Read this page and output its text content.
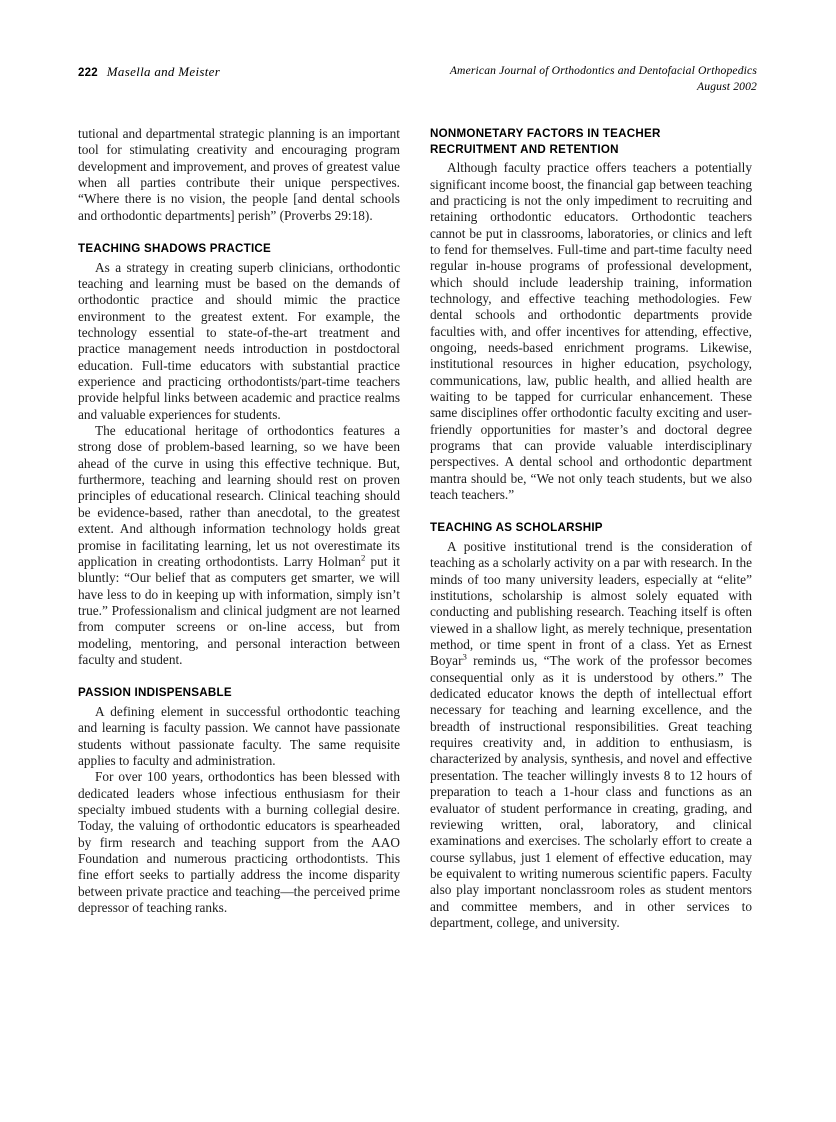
222 Masella and Meister	American Journal of Orthodontics and Dentofacial Orthopedics
August 2002

tutional and departmental strategic planning is an important tool for stimulating creativity and encouraging program development and improvement, and proves of greatest value when all parties contribute their unique perspectives. “Where there is no vision, the people [and dental schools and orthodontic departments] perish” (Proverbs 29:18).

TEACHING SHADOWS PRACTICE

As a strategy in creating superb clinicians, orthodontic teaching and learning must be based on the demands of orthodontic practice and should mimic the practice environment to the greatest extent. For example, the technology essential to state-of-the-art treatment and practice management needs introduction in postdoctoral education. Full-time educators with substantial practice experience and practicing orthodontists/part-time teachers provide helpful links between academic and practice realms and valuable experiences for students.

The educational heritage of orthodontics features a strong dose of problem-based learning, so we have been ahead of the curve in using this effective technique. But, furthermore, teaching and learning should rest on proven principles of educational research. Clinical teaching should be evidence-based, rather than anecdotal, to the greatest extent. And although information technology holds great promise in facilitating learning, let us not overestimate its application in creating orthodontists. Larry Holman$^2$ put it bluntly: “Our belief that as computers get smarter, we will have less to do in keeping up with information, simply isn’t true.” Professionalism and clinical judgment are not learned from computer screens or on-line access, but from modeling, mentoring, and personal interaction between faculty and student.

PASSION INDISPENSABLE

A defining element in successful orthodontic teaching and learning is faculty passion. We cannot have passionate students without passionate faculty. The same requisite applies to faculty and administration.

For over 100 years, orthodontics has been blessed with dedicated leaders whose infectious enthusiasm for their specialty imbued students with a burning collegial desire. Today, the valuing of orthodontic educators is spearheaded by firm research and teaching support from the AAO Foundation and numerous practicing orthodontists. This fine effort seeks to partially address the income disparity between private practice and teaching—the perceived prime depressor of teaching ranks.

NONMONETARY FACTORS IN TEACHER
RECRUITMENT AND RETENTION

Although faculty practice offers teachers a potentially significant income boost, the financial gap between teaching and practicing is not the only impediment to recruiting and retaining orthodontic educators. Orthodontic teachers cannot be put in classrooms, laboratories, or clinics and left to fend for themselves. Full-time and part-time faculty need regular in-house programs of professional development, which should include leadership training, information technology, and effective teaching methodologies. Few dental schools and orthodontic departments provide faculties with, and offer incentives for attending, effective, ongoing, needs-based enrichment programs. Likewise, institutional resources in higher education, psychology, communications, law, public health, and allied health are waiting to be tapped for curricular enhancement. These same disciplines offer orthodontic faculty exciting and user-friendly opportunities for master’s and doctoral degree programs that can provide valuable interdisciplinary perspectives. A dental school and orthodontic department mantra should be, “We not only teach students, but we also teach teachers.”

TEACHING AS SCHOLARSHIP

A positive institutional trend is the consideration of teaching as a scholarly activity on a par with research. In the minds of too many university leaders, especially at “elite” institutions, scholarship is almost solely equated with conducting and publishing research. Teaching itself is often viewed in a shallow light, as merely technique, presentation method, or time spent in front of a class. Yet as Ernest Boyar$^3$ reminds us, “The work of the professor becomes consequential only as it is understood by others.” The dedicated educator knows the depth of intellectual effort necessary for teaching and learning excellence, and the breadth of instructional responsibilities. Great teaching requires creativity and, in addition to enthusiasm, is characterized by analysis, synthesis, and novel and effective presentation. The teacher willingly invests 8 to 12 hours of preparation to teach a 1-hour class and functions as an evaluator of student performance in creating, grading, and reviewing written, oral, laboratory, and clinical examinations and exercises. The scholarly effort to create a course syllabus, just 1 element of effective education, may be equivalent to writing numerous scientific papers. Faculty also play important nonclassroom roles as student mentors and committee members, and in other services to department, college, and university.
